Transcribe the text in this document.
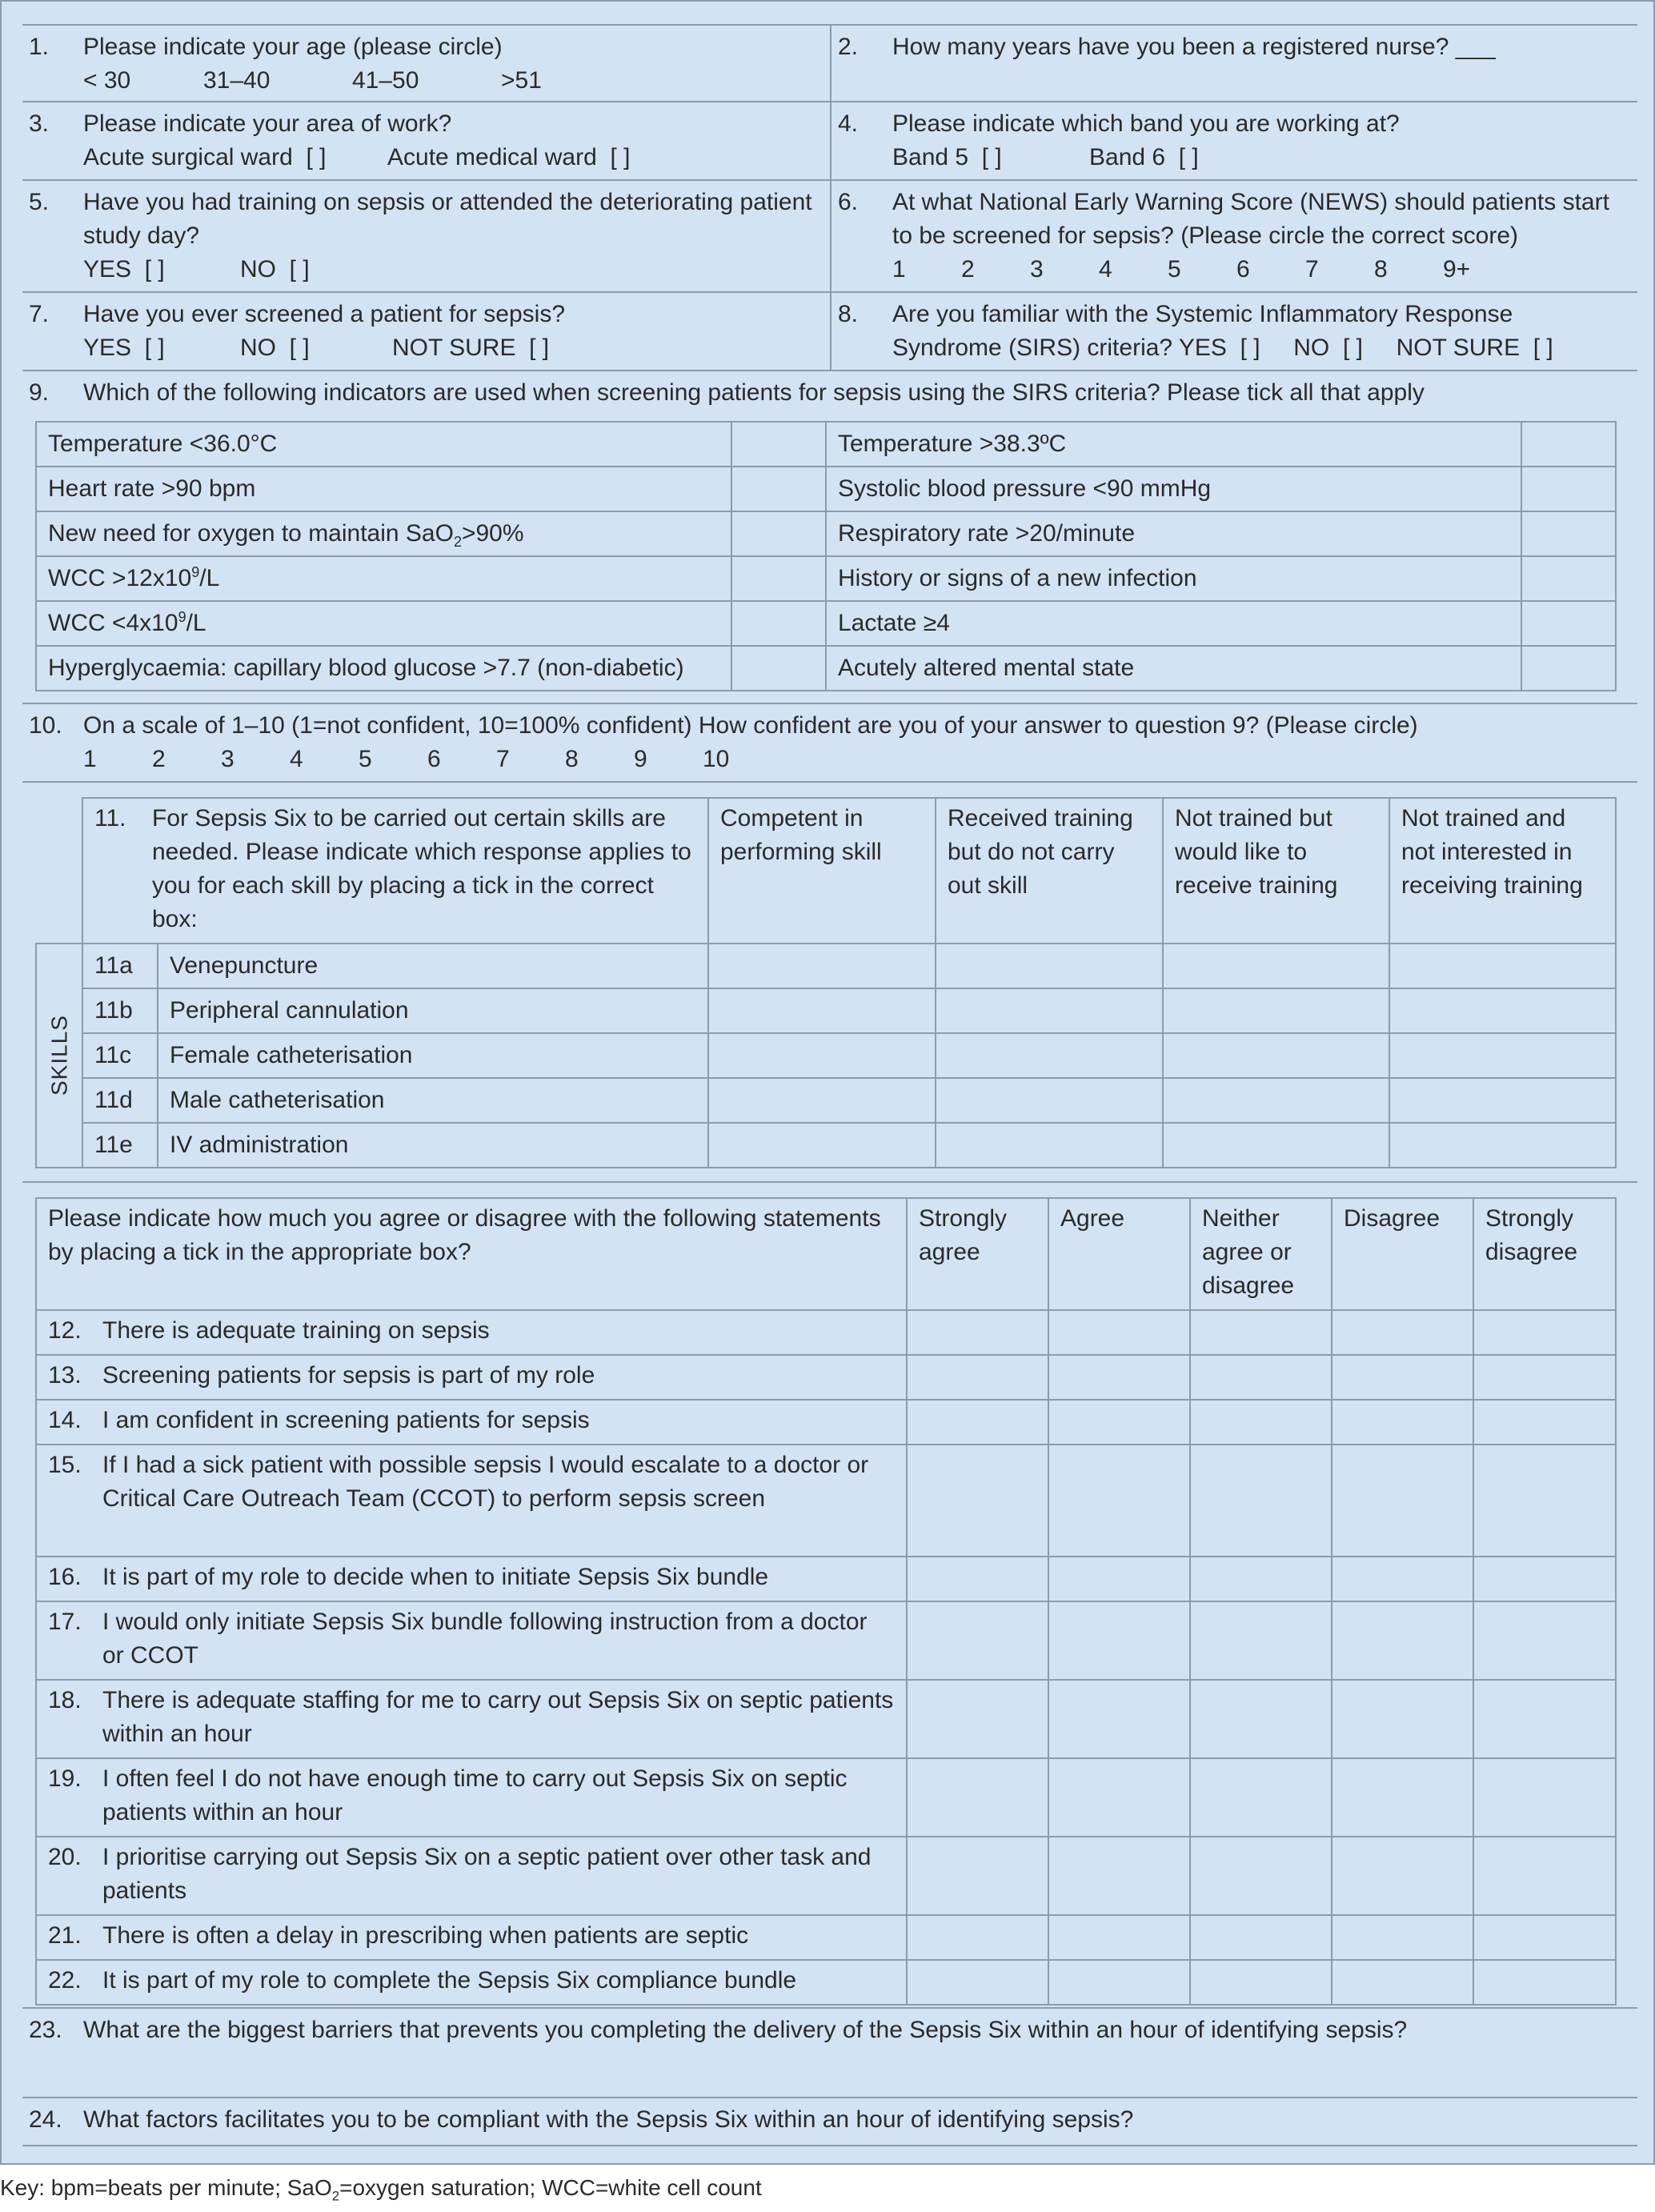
1.	Please indicate your age (please circle)
< 30	31–40	41–50	>51
2.	How many years have you been a registered nurse? ___
3.	Please indicate your area of work?
Acute surgical ward  [ ]	Acute medical ward  [ ]
4.	Please indicate which band you are working at?
Band 5  [ ]	Band 6  [ ]
5.	Have you had training on sepsis or attended the deteriorating patient study day?
YES  [ ]	NO  [ ]
6.	At what National Early Warning Score (NEWS) should patients start to be screened for sepsis? (Please circle the correct score)
1 2 3 4 5 6 7 8 9+
7.	Have you ever screened a patient for sepsis?
YES  [ ]	NO  [ ]	NOT SURE  [ ]
8.	Are you familiar with the Systemic Inflammatory Response
Syndrome (SIRS) criteria? YES  [ ]     NO  [ ]     NOT SURE  [ ]
9.	Which of the following indicators are used when screening patients for sepsis using the SIRS criteria? Please tick all that apply
Temperature <36.0°C		Temperature >38.3ºC	
Heart rate >90 bpm		Systolic blood pressure <90 mmHg	
New need for oxygen to maintain SaO$_2$>90%		Respiratory rate >20/minute	
WCC $>12x10^9/L$		History or signs of a new infection	
WCC $<4x10^9/L$		Lactate ≥4	
Hyperglycaemia: capillary blood glucose >7.7 (non-diabetic)		Acutely altered mental state	
10. On a scale of 1–10 (1=not confident, 10=100% confident) How confident are you of your answer to question 9? (Please circle)
1 2 3 4 5 6 7 8 9 10

	11. For Sepsis Six to be carried out certain skills are needed. Please indicate which response applies to you for each skill by placing a tick in the correct box:		Competent in performing skill	Received training but do not carry out skill	Not trained but would like to receive training	Not trained and not interested in receiving training
SKILLS	11a	Venepuncture				
	11b	Peripheral cannulation				
	11c	Female catheterisation				
	11d	Male catheterisation				
	11e	IV administration				
Please indicate how much you agree or disagree with the following statements by placing a tick in the appropriate box?	Strongly agree	Agree	Neither agree or disagree	Disagree	Strongly disagree

12. There is adequate training on sepsis					

13. Screening patients for sepsis is part of my role					

14. I am confident in screening patients for sepsis					

15. If I had a sick patient with possible sepsis I would escalate to a doctor or Critical Care Outreach Team (CCOT) to perform sepsis screen					

16. It is part of my role to decide when to initiate Sepsis Six bundle					

17. I would only initiate Sepsis Six bundle following instruction from a doctor or CCOT					

18. There is adequate staffing for me to carry out Sepsis Six on septic patients within an hour					

19. I often feel I do not have enough time to carry out Sepsis Six on septic patients within an hour					

20. I prioritise carrying out Sepsis Six on a septic patient over other task and patients					

21. There is often a delay in prescribing when patients are septic					

22. It is part of my role to complete the Sepsis Six compliance bundle					

23. What are the biggest barriers that prevents you completing the delivery of the Sepsis Six within an hour of identifying sepsis?
24. What factors facilitates you to be compliant with the Sepsis Six within an hour of identifying sepsis?
Key: bpm=beats per minute; SaO$_2$=oxygen saturation; WCC=white cell count
